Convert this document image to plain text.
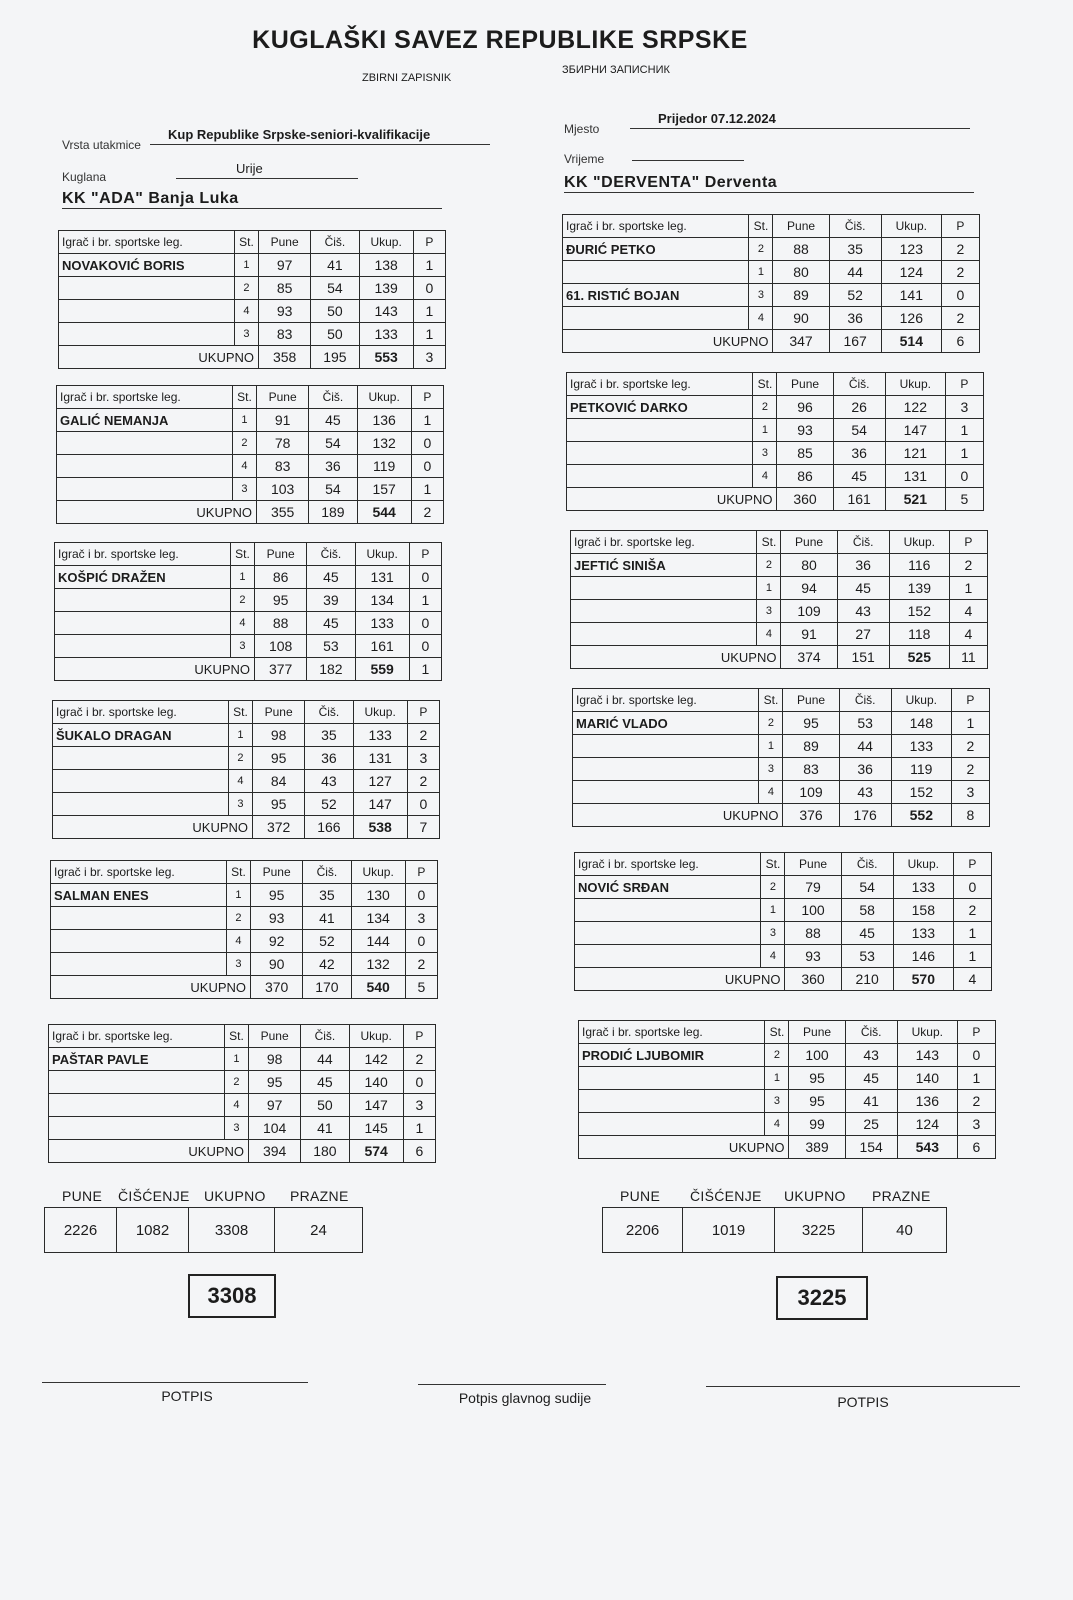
KUGLAŠKI SAVEZ REPUBLIKE SRPSKE
ZBIRNI ZAPISNIK
ЗБИРНИ ЗАПИСНИК
Vrsta utakmice
Kup Republike Srpske-seniori-kvalifikacije
Kuglana
Urije
Mjesto
Prijedor 07.12.2024
Vrijeme
KK "ADA" Banja Luka
KK "DERVENTA" Derventa
Igrač i br. sportske leg.	St.	Pune	Čiš.	Ukup.	P
NOVAKOVIĆ BORIS	1	97	41	138	1
	2	85	54	139	0
	4	93	50	143	1
	3	83	50	133	1
UKUPNO		358	195	553	3
Igrač i br. sportske leg.	St.	Pune	Čiš.	Ukup.	P
GALIĆ NEMANJA	1	91	45	136	1
	2	78	54	132	0
	4	83	36	119	0
	3	103	54	157	1
UKUPNO		355	189	544	2
Igrač i br. sportske leg.	St.	Pune	Čiš.	Ukup.	P
KOŠPIĆ DRAŽEN	1	86	45	131	0
	2	95	39	134	1
	4	88	45	133	0
	3	108	53	161	0
UKUPNO		377	182	559	1
Igrač i br. sportske leg.	St.	Pune	Čiš.	Ukup.	P
ŠUKALO DRAGAN	1	98	35	133	2
	2	95	36	131	3
	4	84	43	127	2
	3	95	52	147	0
UKUPNO		372	166	538	7
Igrač i br. sportske leg.	St.	Pune	Čiš.	Ukup.	P
SALMAN ENES	1	95	35	130	0
	2	93	41	134	3
	4	92	52	144	0
	3	90	42	132	2
UKUPNO		370	170	540	5
Igrač i br. sportske leg.	St.	Pune	Čiš.	Ukup.	P
PAŠTAR PAVLE	1	98	44	142	2
	2	95	45	140	0
	4	97	50	147	3
	3	104	41	145	1
UKUPNO		394	180	574	6
Igrač i br. sportske leg.	St.	Pune	Čiš.	Ukup.	P
ĐURIĆ PETKO	2	88	35	123	2
	1	80	44	124	2
61. RISTIĆ BOJAN	3	89	52	141	0
	4	90	36	126	2
UKUPNO		347	167	514	6
Igrač i br. sportske leg.	St.	Pune	Čiš.	Ukup.	P
PETKOVIĆ DARKO	2	96	26	122	3
	1	93	54	147	1
	3	85	36	121	1
	4	86	45	131	0
UKUPNO		360	161	521	5
Igrač i br. sportske leg.	St.	Pune	Čiš.	Ukup.	P
JEFTIĆ SINIŠA	2	80	36	116	2
	1	94	45	139	1
	3	109	43	152	4
	4	91	27	118	4
UKUPNO		374	151	525	11
Igrač i br. sportske leg.	St.	Pune	Čiš.	Ukup.	P
MARIĆ VLADO	2	95	53	148	1
	1	89	44	133	2
	3	83	36	119	2
	4	109	43	152	3
UKUPNO		376	176	552	8
Igrač i br. sportske leg.	St.	Pune	Čiš.	Ukup.	P
NOVIĆ SRĐAN	2	79	54	133	0
	1	100	58	158	2
	3	88	45	133	1
	4	93	53	146	1
UKUPNO		360	210	570	4
Igrač i br. sportske leg.	St.	Pune	Čiš.	Ukup.	P
PRODIĆ LJUBOMIR	2	100	43	143	0
	1	95	45	140	1
	3	95	41	136	2
	4	99	25	124	3
UKUPNO		389	154	543	6
PUNE ČIŠĆENJE UKUPNO PRAZNE
2226	1082	3308	24
3308
PUNE ČIŠĆENJE UKUPNO PRAZNE
2206	1019	3225	40
3225
POTPIS	Potpis glavnog sudije	POTPIS
